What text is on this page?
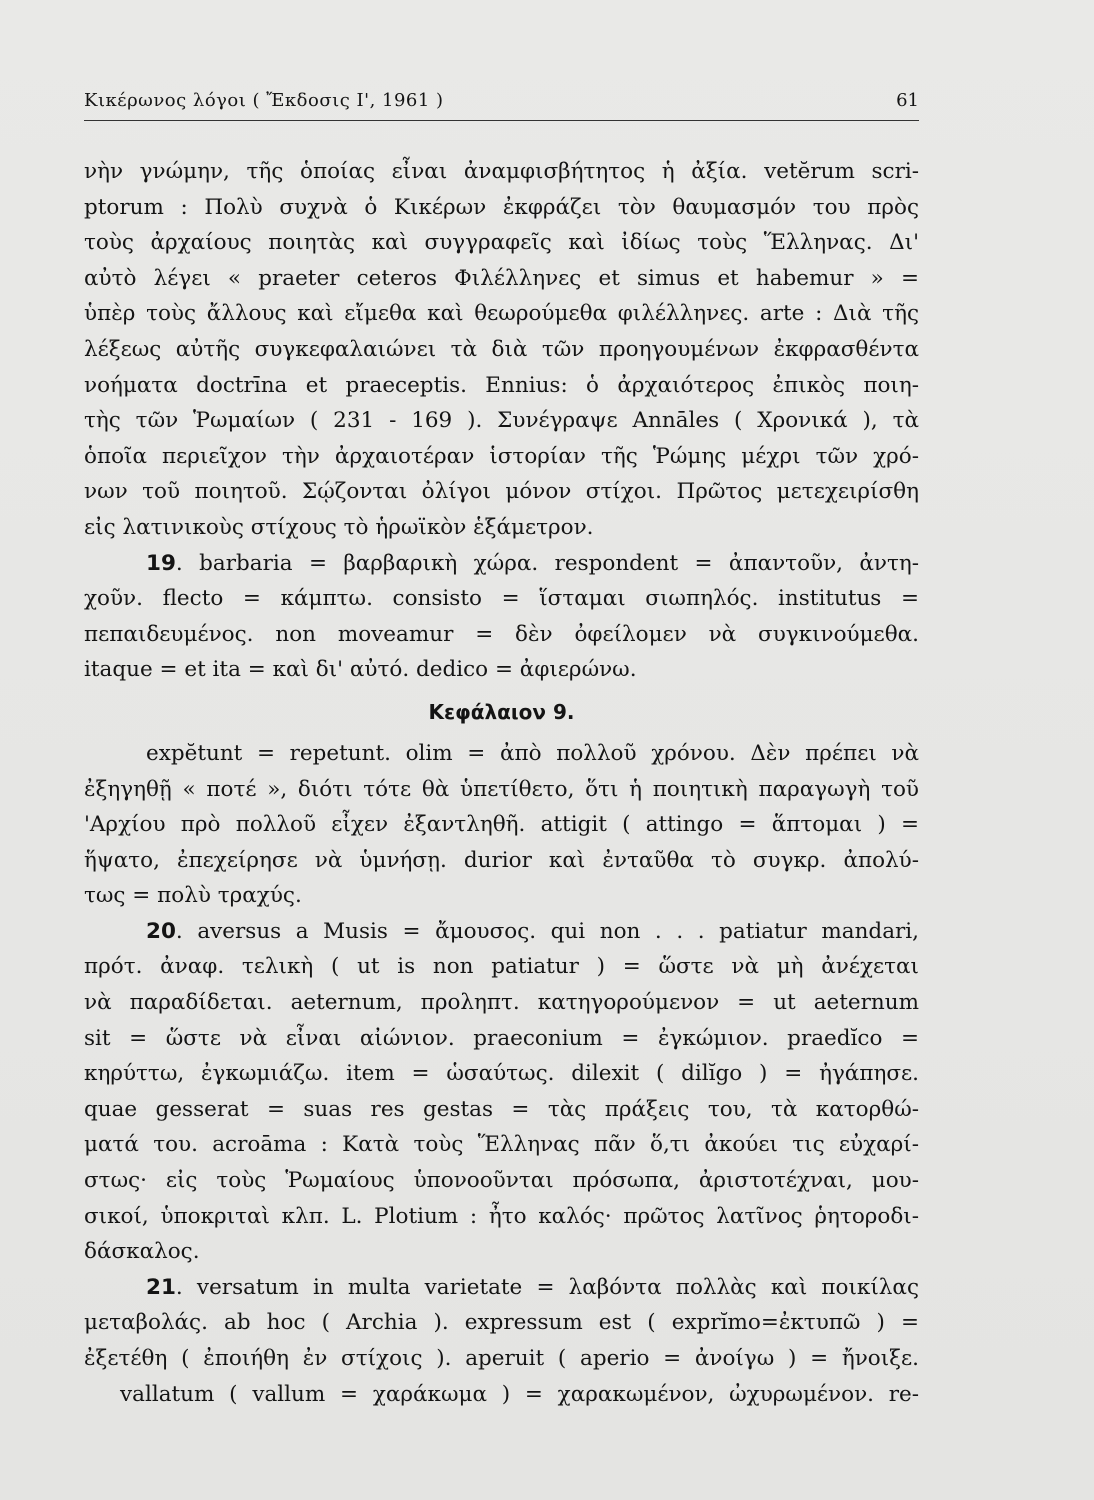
Κικέρωνος λόγοι ( Ἔκδοσις Ι', 1961 )	61
νὴν γνώμην, τῆς ὁποίας εἶναι ἀναμφισβήτητος ἡ ἀξία. vetĕrum scri-
ptorum : Πολὺ συχνὰ ὁ Κικέρων ἐκφράζει τὸν θαυμασμόν του πρὸς
τοὺς ἀρχαίους ποιητὰς καὶ συγγραφεῖς καὶ ἰδίως τοὺς Ἕλληνας. Δι'
αὐτὸ λέγει « praeter ceteros Φιλέλληνες et simus et habemur » =
ὑπὲρ τοὺς ἄλλους καὶ εἴμεθα καὶ θεωρούμεθα φιλέλληνες. arte : Διὰ τῆς
λέξεως αὐτῆς συγκεφαλαιώνει τὰ διὰ τῶν προηγουμένων ἐκφρασθέντα
νοήματα doctrīna et praeceptis. Ennius: ὁ ἀρχαιότερος ἐπικὸς ποιη-
τὴς τῶν Ῥωμαίων ( 231 - 169 ). Συνέγραψε Annāles ( Χρονικά ), τὰ
ὁποῖα περιεῖχον τὴν ἀρχαιοτέραν ἱστορίαν τῆς Ῥώμης μέχρι τῶν χρό-
νων τοῦ ποιητοῦ. Σῴζονται ὀλίγοι μόνον στίχοι. Πρῶτος μετεχειρίσθη
εἰς λατινικοὺς στίχους τὸ ἡρωϊκὸν ἑξάμετρον.
19. barbaria = βαρβαρικὴ χώρα. respondent = ἀπαντοῦν, ἀντη-
χοῦν. flecto = κάμπτω. consisto = ἵσταμαι σιωπηλός. institutus =
πεπαιδευμένος. non moveamur = δὲν ὀφείλομεν νὰ συγκινούμεθα.
itaque = et ita = καὶ δι' αὐτό. dedico = ἀφιερώνω.
Κεφάλαιον 9.
expĕtunt = repetunt. olim = ἀπὸ πολλοῦ χρόνου. Δὲν πρέπει νὰ
ἐξηγηθῇ « ποτέ », διότι τότε θὰ ὑπετίθετο, ὅτι ἡ ποιητικὴ παραγωγὴ τοῦ
'Αρχίου πρὸ πολλοῦ εἶχεν ἐξαντληθῆ. attigit ( attingo = ἅπτομαι ) =
ἥψατο, ἐπεχείρησε νὰ ὑμνήσῃ. durior καὶ ἐνταῦθα τὸ συγκρ. ἀπολύ-
τως = πολὺ τραχύς.
20. aversus a Musis = ἄμουσος. qui non . . . patiatur mandari,
πρότ. ἀναφ. τελικὴ ( ut is non patiatur ) = ὥστε νὰ μὴ ἀνέχεται
νὰ παραδίδεται. aeternum, προληπτ. κατηγορούμενον = ut aeternum
sit = ὥστε νὰ εἶναι αἰώνιον. praeconium = ἐγκώμιον. praedĭco =
κηρύττω, ἐγκωμιάζω. item = ὡσαύτως. dilexit ( dilĭgo ) = ἠγάπησε.
quae gesserat = suas res gestas = τὰς πράξεις του, τὰ κατορθώ-
ματά του. acroāma : Κατὰ τοὺς Ἕλληνας πᾶν ὅ,τι ἀκούει τις εὐχαρί-
στως· εἰς τοὺς Ῥωμαίους ὑπονοοῦνται πρόσωπα, ἀριστοτέχναι, μου-
σικοί, ὑποκριταὶ κλπ. L. Plotium : ἦτο καλός· πρῶτος λατῖνος ῥητοροδι-
δάσκαλος.
21. versatum in multa varietate = λαβόντα πολλὰς καὶ ποικίλας
μεταβολάς. ab hoc ( Archia ). expressum est ( exprĭmo=ἐκτυπῶ ) =
ἐξετέθη ( ἐποιήθη ἐν στίχοις ). aperuit ( aperio = ἀνοίγω ) = ἤνοιξε.
vallatum ( vallum = χαράκωμα ) = χαρακωμένον, ὠχυρωμένον. re-
